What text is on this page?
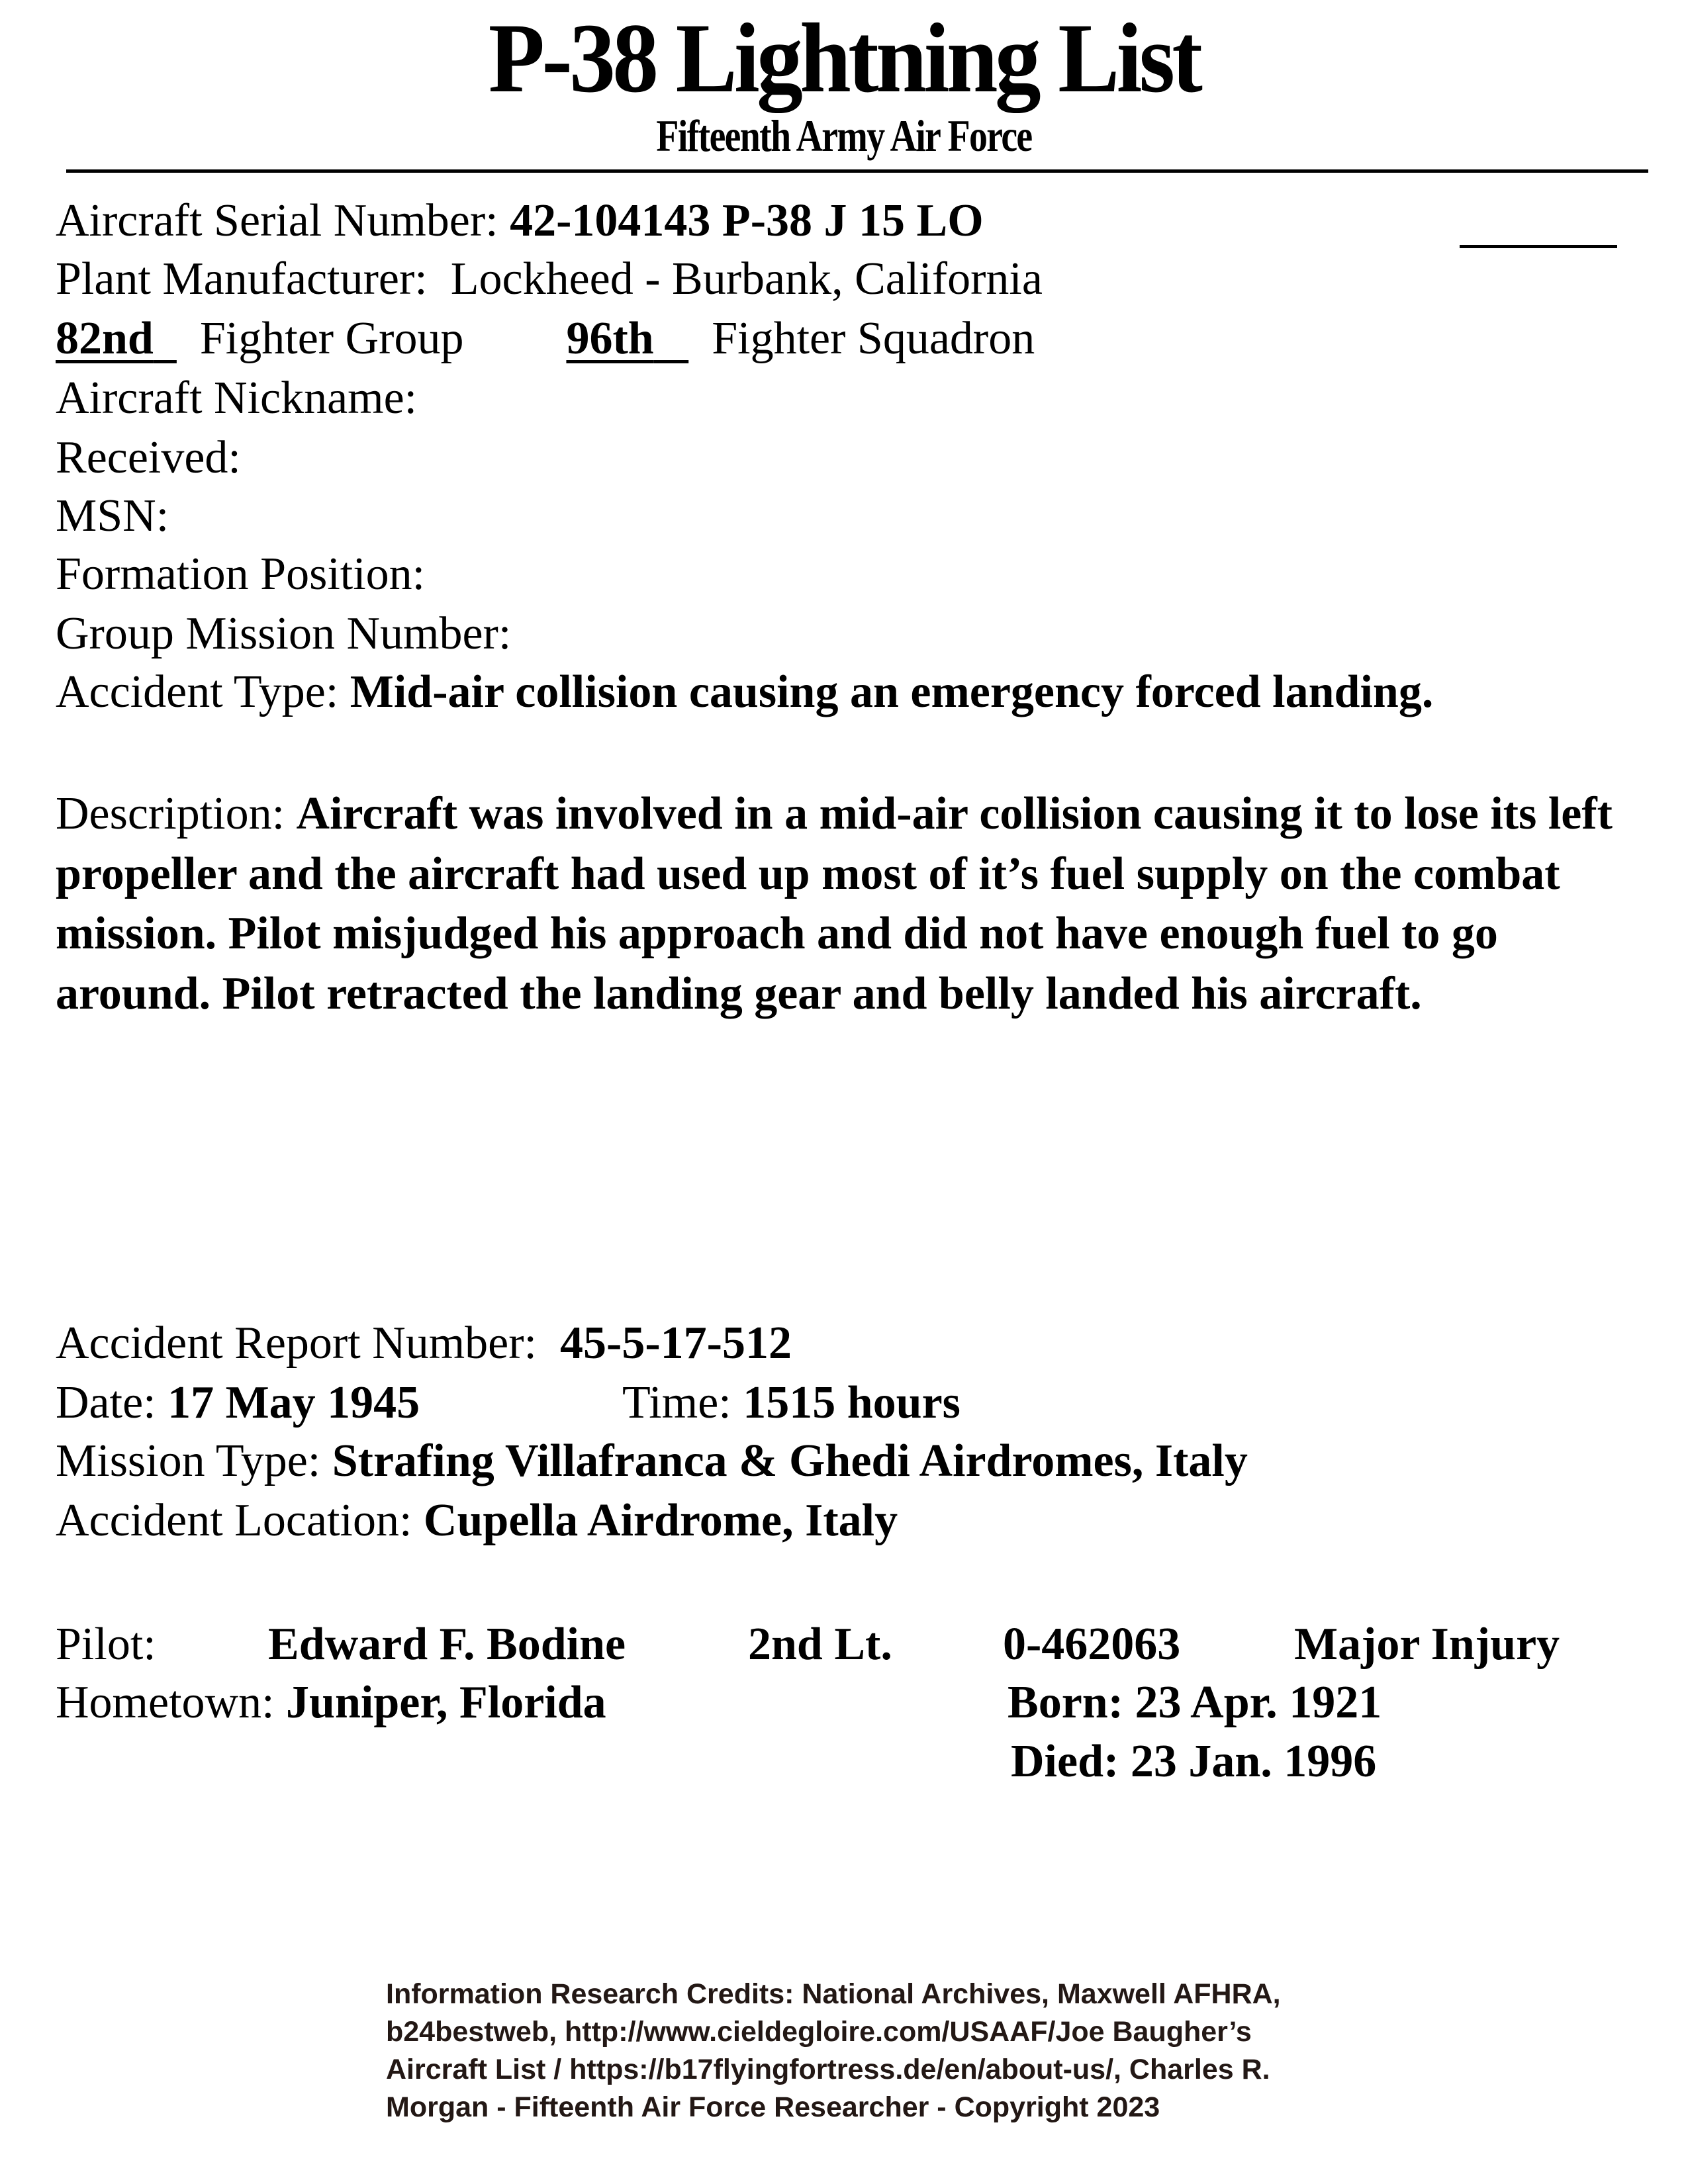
P-38 Lightning List
Fifteenth Army Air Force
Aircraft Serial Number: 42-104143 P-38 J 15 LO
Plant Manufacturer: Lockheed - Burbank, California
82nd Fighter Group 96th Fighter Squadron
Aircraft Nickname:
Received:
MSN:
Formation Position:
Group Mission Number:
Accident Type: Mid-air collision causing an emergency forced landing.
Description: Aircraft was involved in a mid-air collision causing it to lose its left propeller and the aircraft had used up most of it’s fuel supply on the combat mission. Pilot misjudged his approach and did not have enough fuel to go around. Pilot retracted the landing gear and belly landed his aircraft.
Accident Report Number: 45-5-17-512
Date: 17 May 1945	Time: 1515 hours
Mission Type: Strafing Villafranca & Ghedi Airdromes, Italy
Accident Location: Cupella Airdrome, Italy
Pilot: Edward F. Bodine	2nd Lt. 0-462063 Major Injury
Hometown: Juniper, Florida	Born: 23 Apr. 1921
Died: 23 Jan. 1996
Information Research Credits: National Archives, Maxwell AFHRA,
b24bestweb, http://www.cieldegloire.com/USAAF/Joe Baugher’s
Aircraft List / https://b17flyingfortress.de/en/about-us/, Charles R.
Morgan - Fifteenth Air Force Researcher - Copyright 2023
